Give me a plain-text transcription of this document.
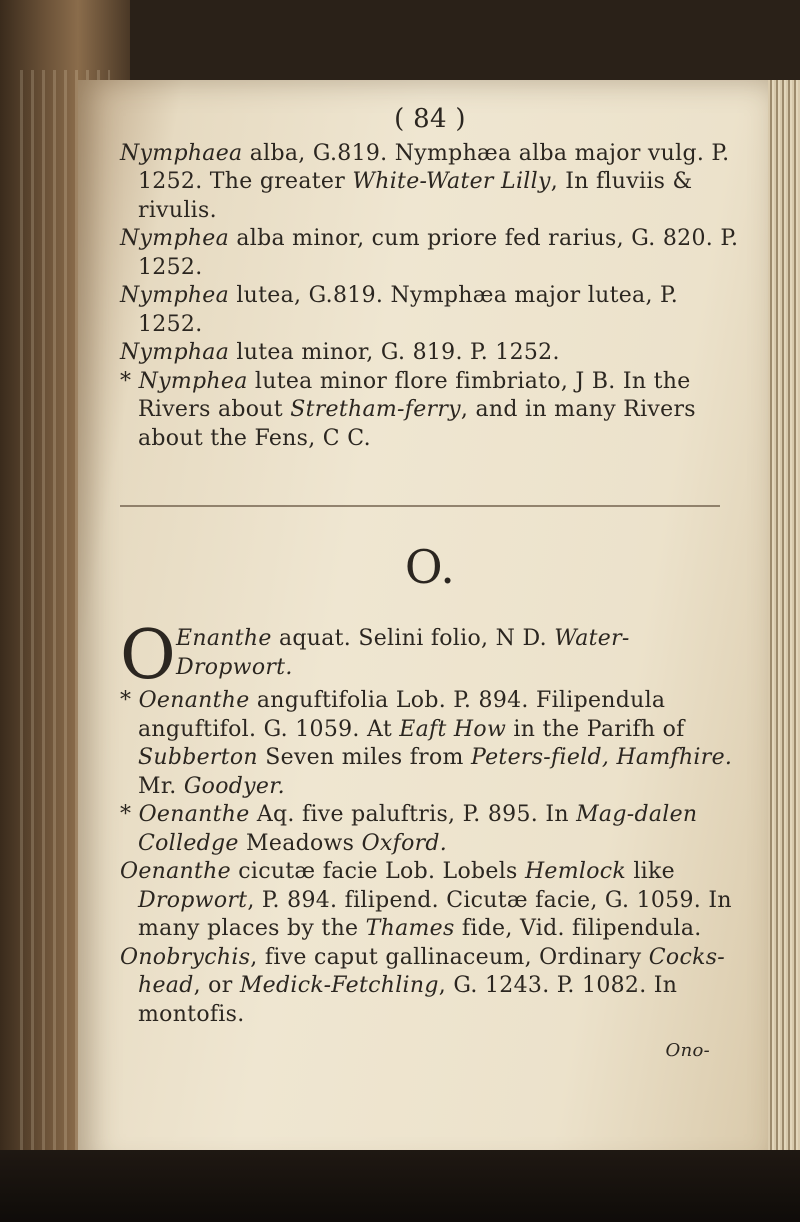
( 84 )

Nymphaea alba, G.819. Nymphæa alba major vulg. P. 1252. The greater White-Water Lilly, In fluviis & rivulis.

Nymphea alba minor, cum priore fed rarius, G. 820. P. 1252.

Nymphea lutea, G.819. Nymphæa major lutea, P. 1252.

Nymphaa lutea minor, G. 819. P. 1252.

* Nymphea lutea minor flore fimbriato, J B. In the Rivers about Stretham-ferry, and in many Rivers about the Fens, C C.

O.
O Enanthe aquat. Selini folio, N D. Water-Dropwort.

* Oenanthe anguftifolia Lob. P. 894. Filipendula anguftifol. G. 1059. At Eaft How in the Parifh of Subberton Seven miles from Peters-field, Hamfhire. Mr. Goodyer.

* Oenanthe Aq. five paluftris, P. 895. In Mag-dalen Colledge Meadows Oxford.

Oenanthe cicutæ facie Lob. Lobels Hemlock like Dropwort, P. 894. filipend. Cicutæ facie, G. 1059. In many places by the Thames fide, Vid. filipendula.

Onobrychis, five caput gallinaceum, Ordinary Cocks-head, or Medick-Fetchling, G. 1243. P. 1082. In montofis.

Ono-
